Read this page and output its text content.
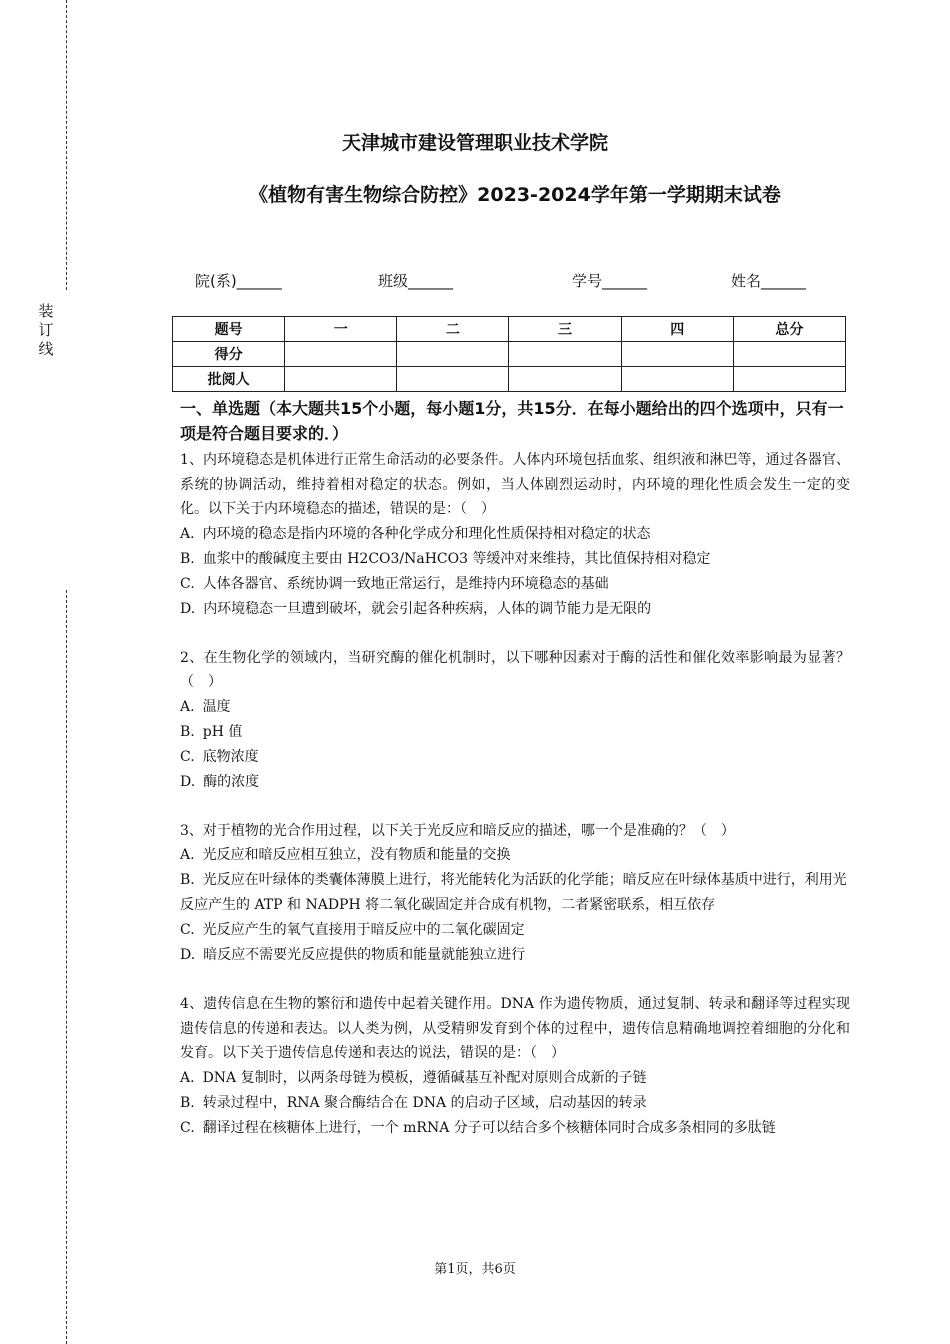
装订线
天津城市建设管理职业技术学院
《植物有害生物综合防控》2023-2024学年第一学期期末试卷
院(系)______	班级______	学号______	姓名______
题号	一	二	三	四	总分
得分					
批阅人					

一、单选题（本大题共15个小题，每小题1分，共15分．在每小题给出的四个选项中，只有一项是符合题目要求的．）

1、内环境稳态是机体进行正常生命活动的必要条件。人体内环境包括血浆、组织液和淋巴等，通过各器官、系统的协调活动，维持着相对稳定的状态。例如，当人体剧烈运动时，内环境的理化性质会发生一定的变化。以下关于内环境稳态的描述，错误的是：（　）

A. 内环境的稳态是指内环境的各种化学成分和理化性质保持相对稳定的状态

B. 血浆中的酸碱度主要由 H2CO3/NaHCO3 等缓冲对来维持，其比值保持相对稳定

C. 人体各器官、系统协调一致地正常运行，是维持内环境稳态的基础

D. 内环境稳态一旦遭到破坏，就会引起各种疾病，人体的调节能力是无限的

2、在生物化学的领域内，当研究酶的催化机制时，以下哪种因素对于酶的活性和催化效率影响最为显著？（　）

A. 温度

B. pH 值

C. 底物浓度

D. 酶的浓度

3、对于植物的光合作用过程，以下关于光反应和暗反应的描述，哪一个是准确的？（　）

A. 光反应和暗反应相互独立，没有物质和能量的交换

B. 光反应在叶绿体的类囊体薄膜上进行，将光能转化为活跃的化学能；暗反应在叶绿体基质中进行，利用光反应产生的 ATP 和 NADPH 将二氧化碳固定并合成有机物，二者紧密联系，相互依存

C. 光反应产生的氧气直接用于暗反应中的二氧化碳固定

D. 暗反应不需要光反应提供的物质和能量就能独立进行

4、遗传信息在生物的繁衍和遗传中起着关键作用。DNA 作为遗传物质，通过复制、转录和翻译等过程实现遗传信息的传递和表达。以人类为例，从受精卵发育到个体的过程中，遗传信息精确地调控着细胞的分化和发育。以下关于遗传信息传递和表达的说法，错误的是：（　）

A. DNA 复制时，以两条母链为模板，遵循碱基互补配对原则合成新的子链

B. 转录过程中，RNA 聚合酶结合在 DNA 的启动子区域，启动基因的转录

C. 翻译过程在核糖体上进行，一个 mRNA 分子可以结合多个核糖体同时合成多条相同的多肽链

第1页，共6页
